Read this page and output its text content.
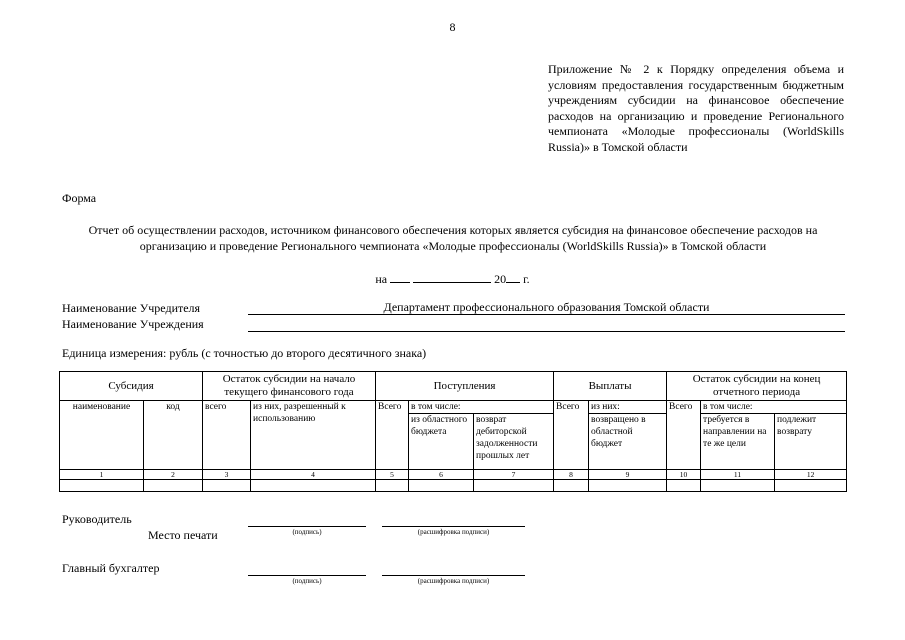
8
Приложение № 2 к Порядку определения объема и условиям предоставления государственным бюджетным учреждениям субсидии на финансовое обеспечение расходов на организацию и проведение Регионального чемпионата «Молодые профессионалы (WorldSkills Russia)» в Томской области
Форма
Отчет об осуществлении расходов, источником финансового обеспечения которых является субсидия на финансовое обеспечение расходов на организацию и проведение Регионального чемпионата «Молодые профессионалы (WorldSkills Russia)» в Томской области
на	20 г.
Наименование Учредителя	Департамент профессионального образования Томской области
Наименование Учреждения
Единица измерения: рубль (с точностью до второго десятичного знака)
Субсидия		Остаток субсидии на начало текущего финансового года		Поступления			Выплаты		Остаток субсидии на конец отчетного периода		
наименование	код	всего	из них, разрешенный к использованию	Всего	в том числе:		Всего	из них:	Всего	в том числе:	
					из областного бюджета	возврат дебиторской задолженности прошлых лет		возвращено в областной бюджет		требуется в направлении на те же цели	подлежит возврату
1	2	3	4	5	6	7	8	9	10	11	12

Руководитель
Место печати	(подпись)	(расшифровка подписи)
Главный бухгалтер
(подпись)	(расшифровка подписи)
